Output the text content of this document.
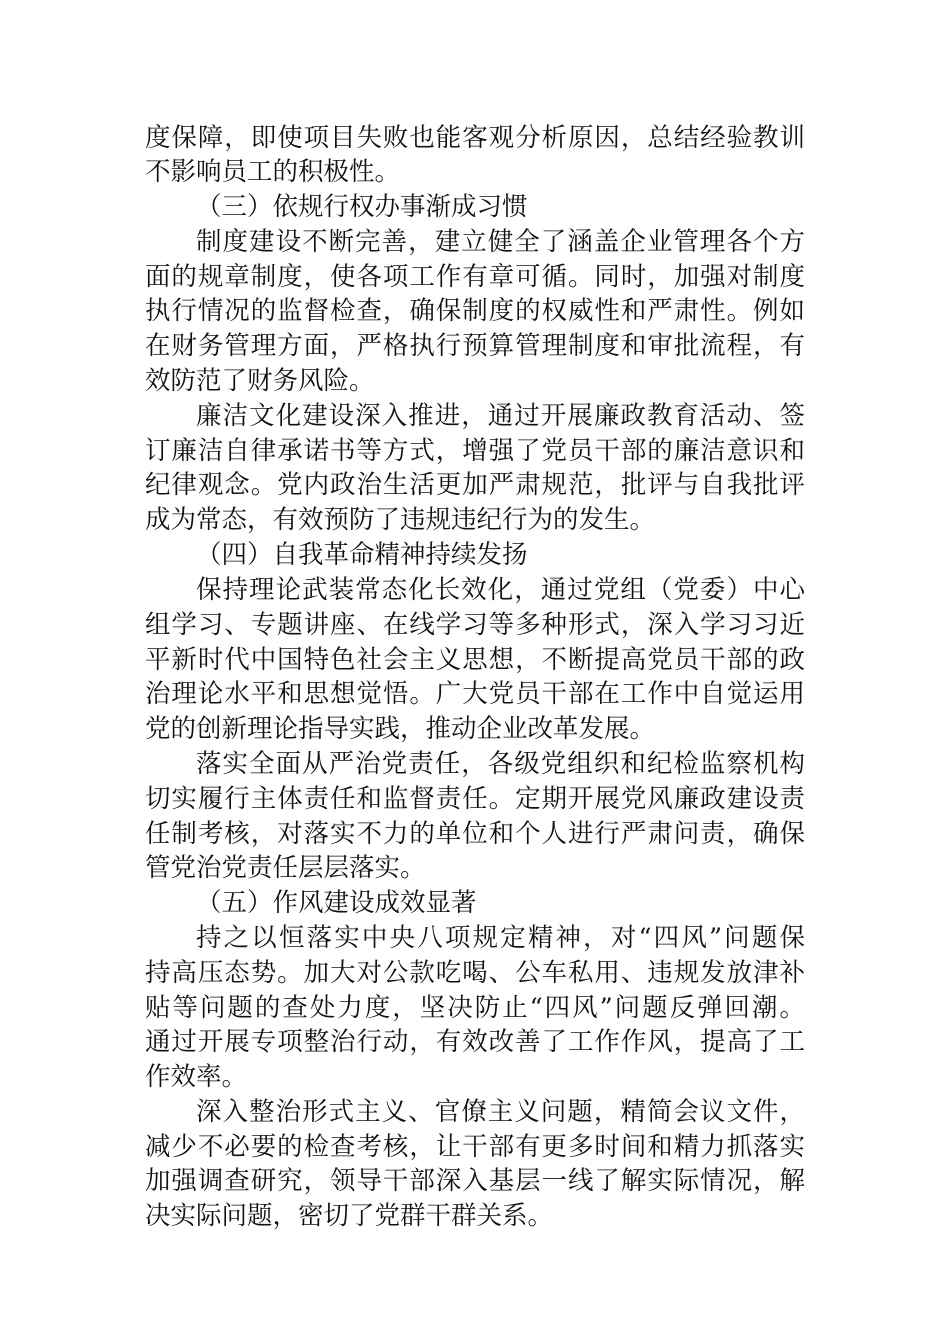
度保障，即使项目失败也能客观分析原因，总结经验教训
不影响员工的积极性。
（三）依规行权办事渐成习惯
制度建设不断完善，建立健全了涵盖企业管理各个方
面的规章制度，使各项工作有章可循。同时，加强对制度
执行情况的监督检查，确保制度的权威性和严肃性。例如
在财务管理方面，严格执行预算管理制度和审批流程，有
效防范了财务风险。
廉洁文化建设深入推进，通过开展廉政教育活动、签
订廉洁自律承诺书等方式，增强了党员干部的廉洁意识和
纪律观念。党内政治生活更加严肃规范，批评与自我批评
成为常态，有效预防了违规违纪行为的发生。
（四）自我革命精神持续发扬
保持理论武装常态化长效化，通过党组（党委）中心
组学习、专题讲座、在线学习等多种形式，深入学习习近
平新时代中国特色社会主义思想，不断提高党员干部的政
治理论水平和思想觉悟。广大党员干部在工作中自觉运用
党的创新理论指导实践，推动企业改革发展。
落实全面从严治党责任，各级党组织和纪检监察机构
切实履行主体责任和监督责任。定期开展党风廉政建设责
任制考核，对落实不力的单位和个人进行严肃问责，确保
管党治党责任层层落实。
（五）作风建设成效显著
持之以恒落实中央八项规定精神，对“四风”问题保
持高压态势。加大对公款吃喝、公车私用、违规发放津补
贴等问题的查处力度，坚决防止“四风”问题反弹回潮。
通过开展专项整治行动，有效改善了工作作风，提高了工
作效率。
深入整治形式主义、官僚主义问题，精简会议文件，
减少不必要的检查考核，让干部有更多时间和精力抓落实
加强调查研究，领导干部深入基层一线了解实际情况，解
决实际问题，密切了党群干群关系。
